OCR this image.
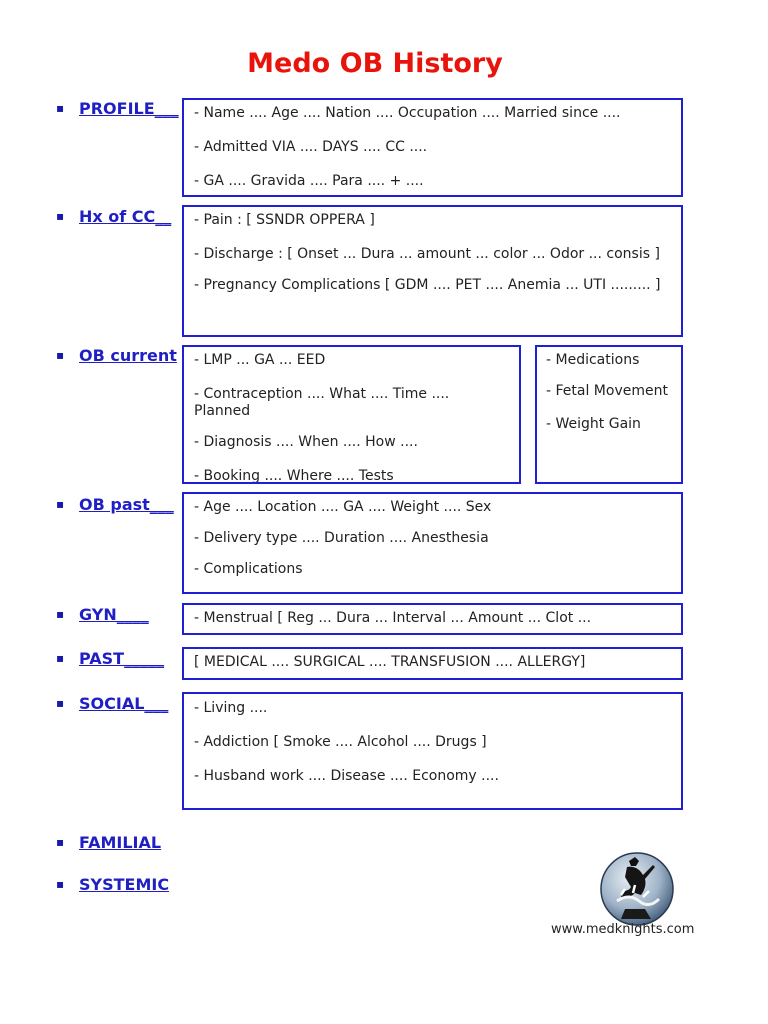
Medo OB History
▪
PROFILE___ - Name .... Age .... Nation .... Occupation .... Married since ....
- Admitted VIA .... DAYS .... CC ....
- GA .... Gravida .... Para .... + ....
▪
Hx of CC__ - Pain : [ SSNDR OPPERA ]
- Discharge : [ Onset ... Dura ... amount ... color ... Odor ... consis ]
- Pregnancy Complications [ GDM .... PET .... Anemia ... UTI ......... ]
▪
OB current - LMP ... GA ... EED
- Contraception .... What .... Time .... Planned
- Diagnosis .... When .... How ....
- Booking .... Where .... Tests
- Medications
- Fetal Movement
- Weight Gain
▪
OB past___ - Age .... Location .... GA .... Weight .... Sex
- Delivery type .... Duration .... Anesthesia
- Complications
▪
GYN____	- Menstrual [ Reg ... Dura ... Interval ... Amount ... Clot ...
▪
PAST_____ [ MEDICAL .... SURGICAL .... TRANSFUSION .... ALLERGY]
▪
SOCIAL___ - Living ....
- Addiction [ Smoke .... Alcohol .... Drugs ]
- Husband work .... Disease .... Economy ....
▪
FAMILIAL
▪
SYSTEMIC
www.medknights.com
